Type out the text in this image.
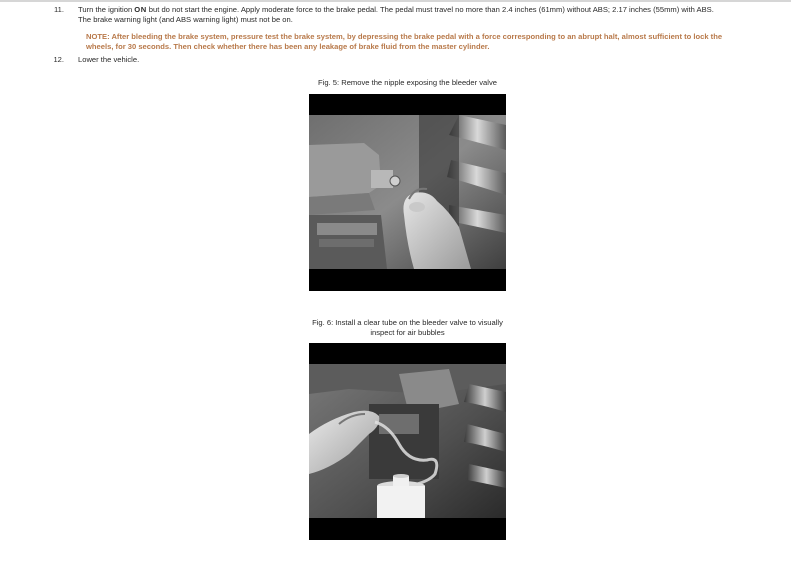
11. Turn the ignition ON but do not start the engine. Apply moderate force to the brake pedal. The pedal must travel no more than 2.4 inches (61mm) without ABS; 2.17 inches (55mm) with ABS. The brake warning light (and ABS warning light) must not be on.
NOTE: After bleeding the brake system, pressure test the brake system, by depressing the brake pedal with a force corresponding to an abrupt halt, almost sufficient to lock the wheels, for 30 seconds. Then check whether there has been any leakage of brake fluid from the master cylinder.
12. Lower the vehicle.
Fig. 5: Remove the nipple exposing the bleeder valve
Fig. 6: Install a clear tube on the bleeder valve to visually
inspect for air bubbles
